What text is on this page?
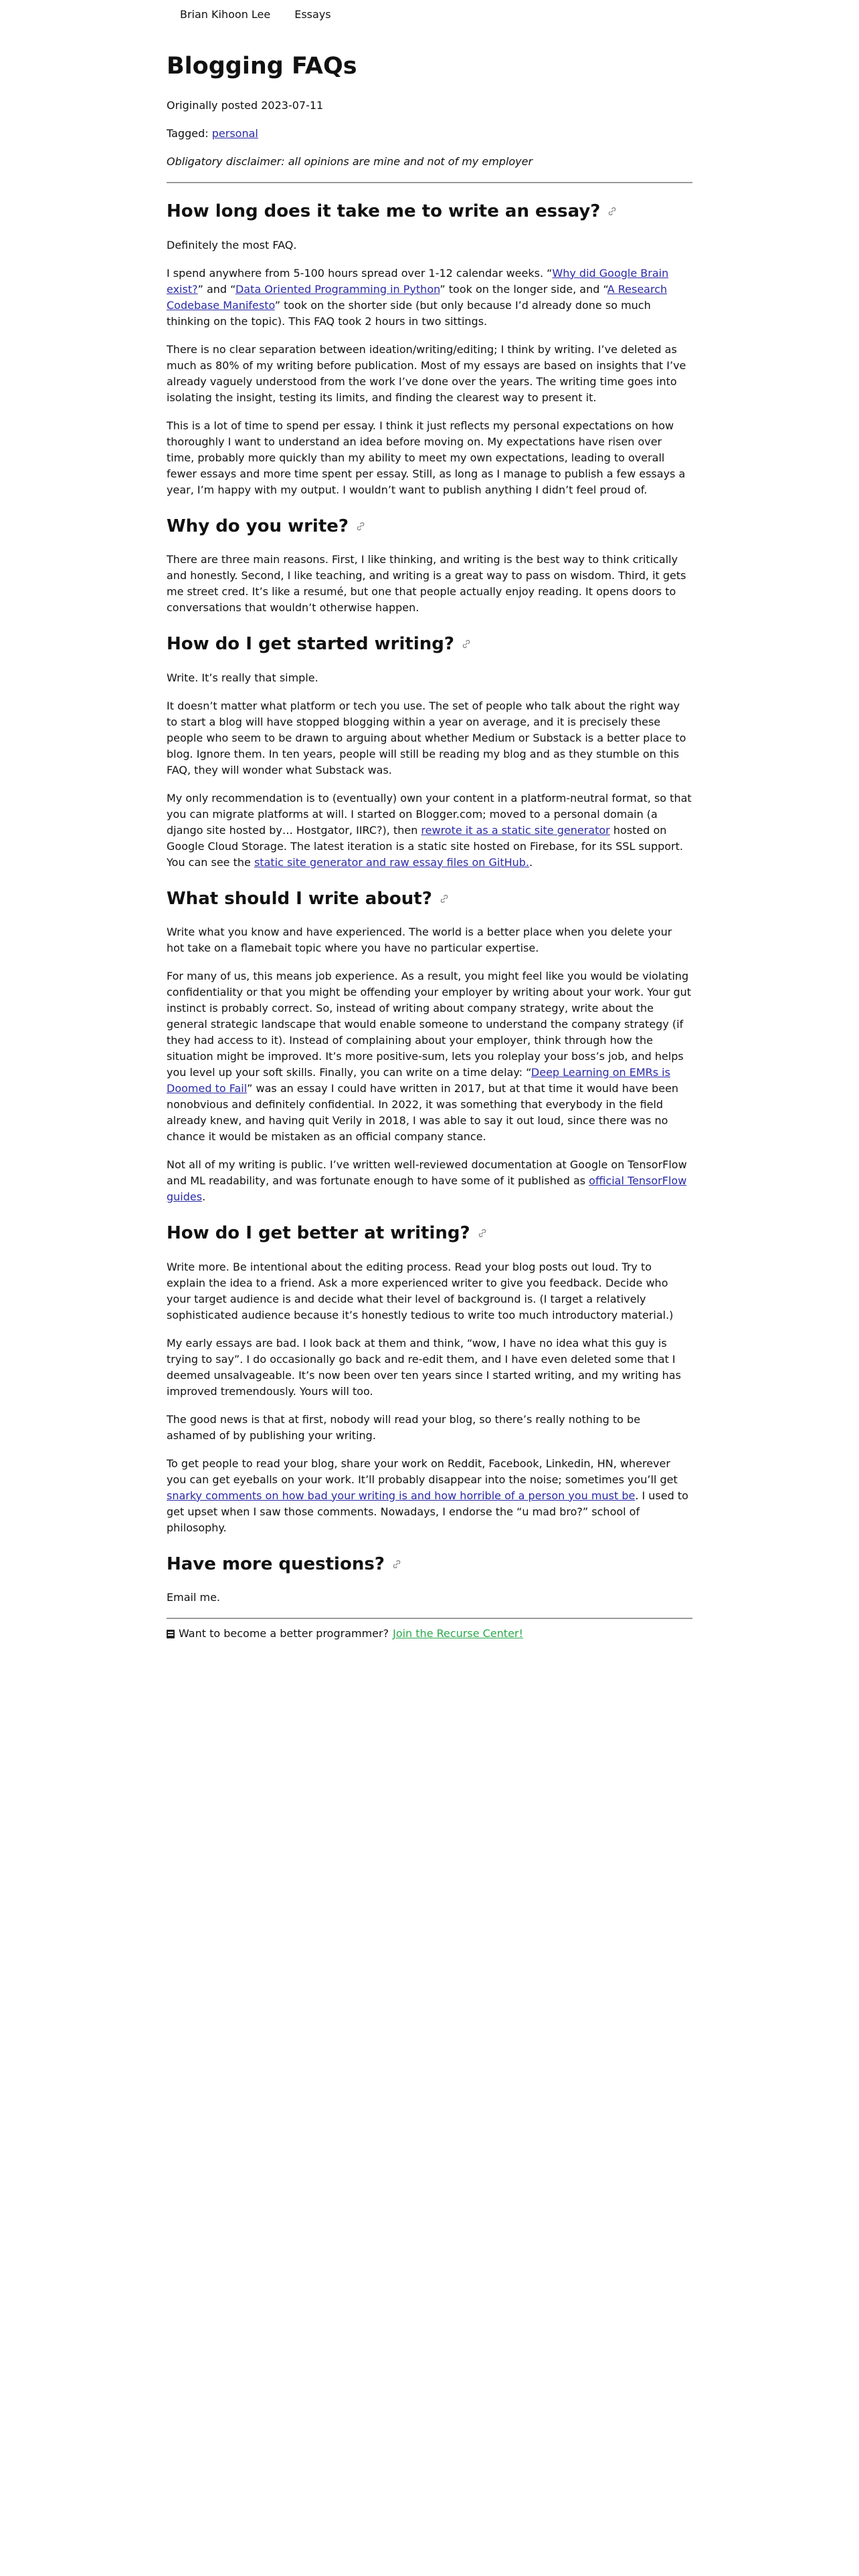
Brian Kihoon Lee Essays
Blogging FAQs

Originally posted 2023-07-11

Tagged: personal

Obligatory disclaimer: all opinions are mine and not of my employer

How long does it take me to write an essay?

Definitely the most FAQ.

I spend anywhere from 5-100 hours spread over 1-12 calendar weeks. “Why did Google Brain exist?” and “Data Oriented Programming in Python” took on the longer side, and “A Research Codebase Manifesto” took on the shorter side (but only because I’d already done so much thinking on the topic). This FAQ took 2 hours in two sittings.

There is no clear separation between ideation/writing/editing; I think by writing. I’ve deleted as much as 80% of my writing before publication. Most of my essays are based on insights that I’ve already vaguely understood from the work I’ve done over the years. The writing time goes into isolating the insight, testing its limits, and finding the clearest way to present it.

This is a lot of time to spend per essay. I think it just reflects my personal expectations on how thoroughly I want to understand an idea before moving on. My expectations have risen over time, probably more quickly than my ability to meet my own expectations, leading to overall fewer essays and more time spent per essay. Still, as long as I manage to publish a few essays a year, I’m happy with my output. I wouldn’t want to publish anything I didn’t feel proud of.

Why do you write?

There are three main reasons. First, I like thinking, and writing is the best way to think critically and honestly. Second, I like teaching, and writing is a great way to pass on wisdom. Third, it gets me street cred. It’s like a resumé, but one that people actually enjoy reading. It opens doors to conversations that wouldn’t otherwise happen.

How do I get started writing?

Write. It’s really that simple.

It doesn’t matter what platform or tech you use. The set of people who talk about the right way to start a blog will have stopped blogging within a year on average, and it is precisely these people who seem to be drawn to arguing about whether Medium or Substack is a better place to blog. Ignore them. In ten years, people will still be reading my blog and as they stumble on this FAQ, they will wonder what Substack was.

My only recommendation is to (eventually) own your content in a platform-neutral format, so that you can migrate platforms at will. I started on Blogger.com; moved to a personal domain (a django site hosted by… Hostgator, IIRC?), then rewrote it as a static site generator hosted on Google Cloud Storage. The latest iteration is a static site hosted on Firebase, for its SSL support. You can see the static site generator and raw essay files on GitHub..

What should I write about?

Write what you know and have experienced. The world is a better place when you delete your hot take on a flamebait topic where you have no particular expertise.

For many of us, this means job experience. As a result, you might feel like you would be violating confidentiality or that you might be offending your employer by writing about your work. Your gut instinct is probably correct. So, instead of writing about company strategy, write about the general strategic landscape that would enable someone to understand the company strategy (if they had access to it). Instead of complaining about your employer, think through how the situation might be improved. It’s more positive-sum, lets you roleplay your boss’s job, and helps you level up your soft skills. Finally, you can write on a time delay: “Deep Learning on EMRs is Doomed to Fail” was an essay I could have written in 2017, but at that time it would have been nonobvious and definitely confidential. In 2022, it was something that everybody in the field already knew, and having quit Verily in 2018, I was able to say it out loud, since there was no chance it would be mistaken as an official company stance.

Not all of my writing is public. I’ve written well-reviewed documentation at Google on TensorFlow and ML readability, and was fortunate enough to have some of it published as official TensorFlow guides.

How do I get better at writing?

Write more. Be intentional about the editing process. Read your blog posts out loud. Try to explain the idea to a friend. Ask a more experienced writer to give you feedback. Decide who your target audience is and decide what their level of background is. (I target a relatively sophisticated audience because it’s honestly tedious to write too much introductory material.)

My early essays are bad. I look back at them and think, “wow, I have no idea what this guy is trying to say”. I do occasionally go back and re-edit them, and I have even deleted some that I deemed unsalvageable. It’s now been over ten years since I started writing, and my writing has improved tremendously. Yours will too.

The good news is that at first, nobody will read your blog, so there’s really nothing to be ashamed of by publishing your writing.

To get people to read your blog, share your work on Reddit, Facebook, Linkedin, HN, wherever you can get eyeballs on your work. It’ll probably disappear into the noise; sometimes you’ll get snarky comments on how bad your writing is and how horrible of a person you must be. I used to get upset when I saw those comments. Nowadays, I endorse the “u mad bro?” school of philosophy.

Have more questions?

Email me.

Want to become a better programmer? Join the Recurse Center!
